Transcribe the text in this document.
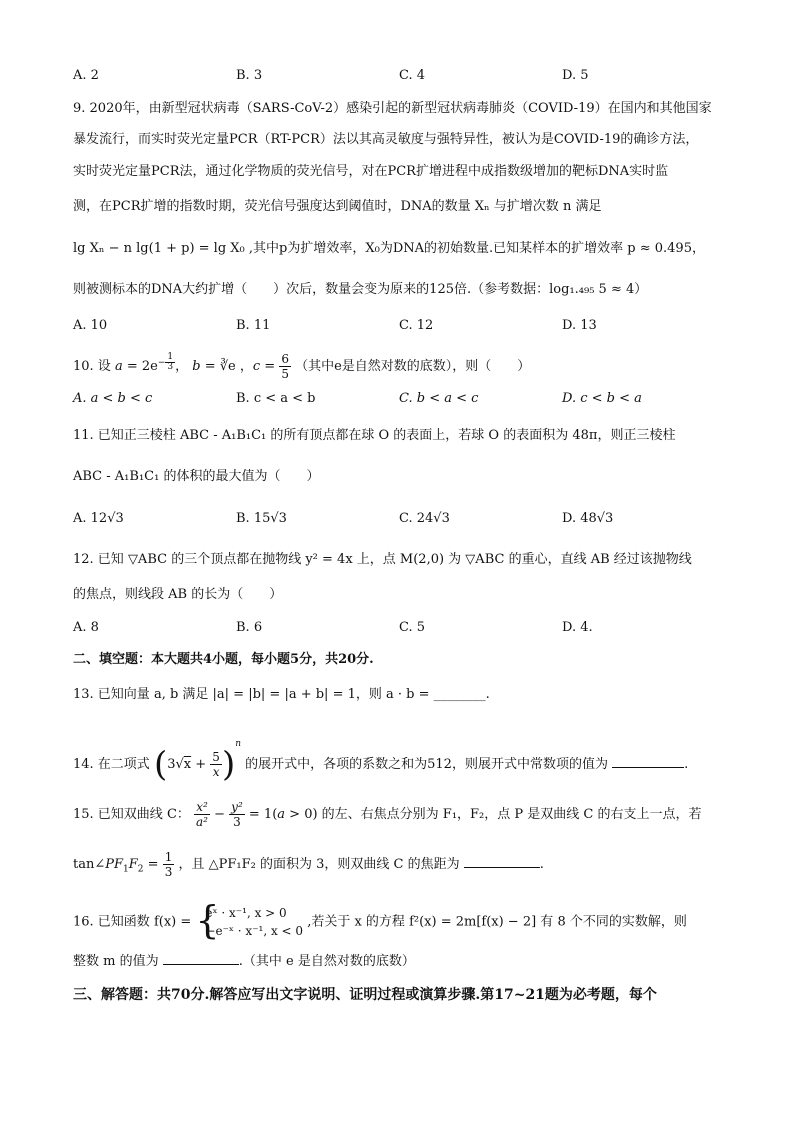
A. 2	B. 3	C. 4	D. 5
9. 2020年，由新型冠状病毒（SARS-CoV-2）感染引起的新型冠状病毒肺炎（COVID-19）在国内和其他国家
暴发流行，而实时荧光定量PCR（RT-PCR）法以其高灵敏度与强特异性，被认为是COVID-19的确诊方法，
实时荧光定量PCR法，通过化学物质的荧光信号，对在PCR扩增进程中成指数级增加的靶标DNA实时监
测，在PCR扩增的指数时期，荧光信号强度达到阈值时，DNA的数量 Xₙ 与扩增次数 n 满足
lg Xₙ − n lg(1 + p) = lg X₀ ,其中p为扩增效率，X₀为DNA的初始数量.已知某样本的扩增效率 p ≈ 0.495，
则被测标本的DNA大约扩增（　　）次后，数量会变为原来的125倍.（参考数据：log₁.₄₉₅ 5 ≈ 4）
A. 10	B. 11	C. 12	D. 13
10. 设 $a = 2e^{- \frac{1}{3}}$ ， b = ∛e ，$c = \frac{6}{5}$ （其中e是自然对数的底数），则（　　）
A. a < b < c	B. c < a < b	C. b < a < c	D. c < b < a
11. 已知正三棱柱 ABC - A₁B₁C₁ 的所有顶点都在球 O 的表面上，若球 O 的表面积为 48π，则正三棱柱
ABC - A₁B₁C₁ 的体积的最大值为（　　）
A. 12√3	B. 15√3	C. 24√3	D. 48√3
12. 已知 ▽ABC 的三个顶点都在抛物线 y² = 4x 上，点 M(2,0) 为 ▽ABC 的重心，直线 AB 经过该抛物线
的焦点，则线段 AB 的长为（　　）
A. 8	B. 6	C. 5	D. 4.
二、填空题：本大题共4小题，每小题5分，共20分.
13. 已知向量 a, b 满足 |a| = |b| = |a + b| = 1，则 a · b = ________.
14. 在二项式 $(3√x + \frac{5}{x} )^n$ 的展开式中，各项的系数之和为512，则展开式中常数项的值为	.
15. 已知双曲线 C： $\frac{\text{x²}}{\text{a²}} - \frac{\text{y²}}{3} = 1(a > 0)$ 的左、右焦点分别为 F₁，F₂，点 P 是双曲线 C 的右支上一点，若
$\tan\angle PF_1F_2 = \frac{1}{3}$ ，且 △PF₁F₂ 的面积为 3，则双曲线 C 的焦距为	.
16. 已知函数 f(x) = {
eˣ · x⁻¹, x > 0
−e⁻ˣ · x⁻¹, x < 0
,若关于 x 的方程 f²(x) = 2m[f(x) − 2] 有 8 个不同的实数解，则
整数 m 的值为	.（其中 e 是自然对数的底数）
三、解答题：共70分.解答应写出文字说明、证明过程或演算步骤.第17~21题为必考题，每个
